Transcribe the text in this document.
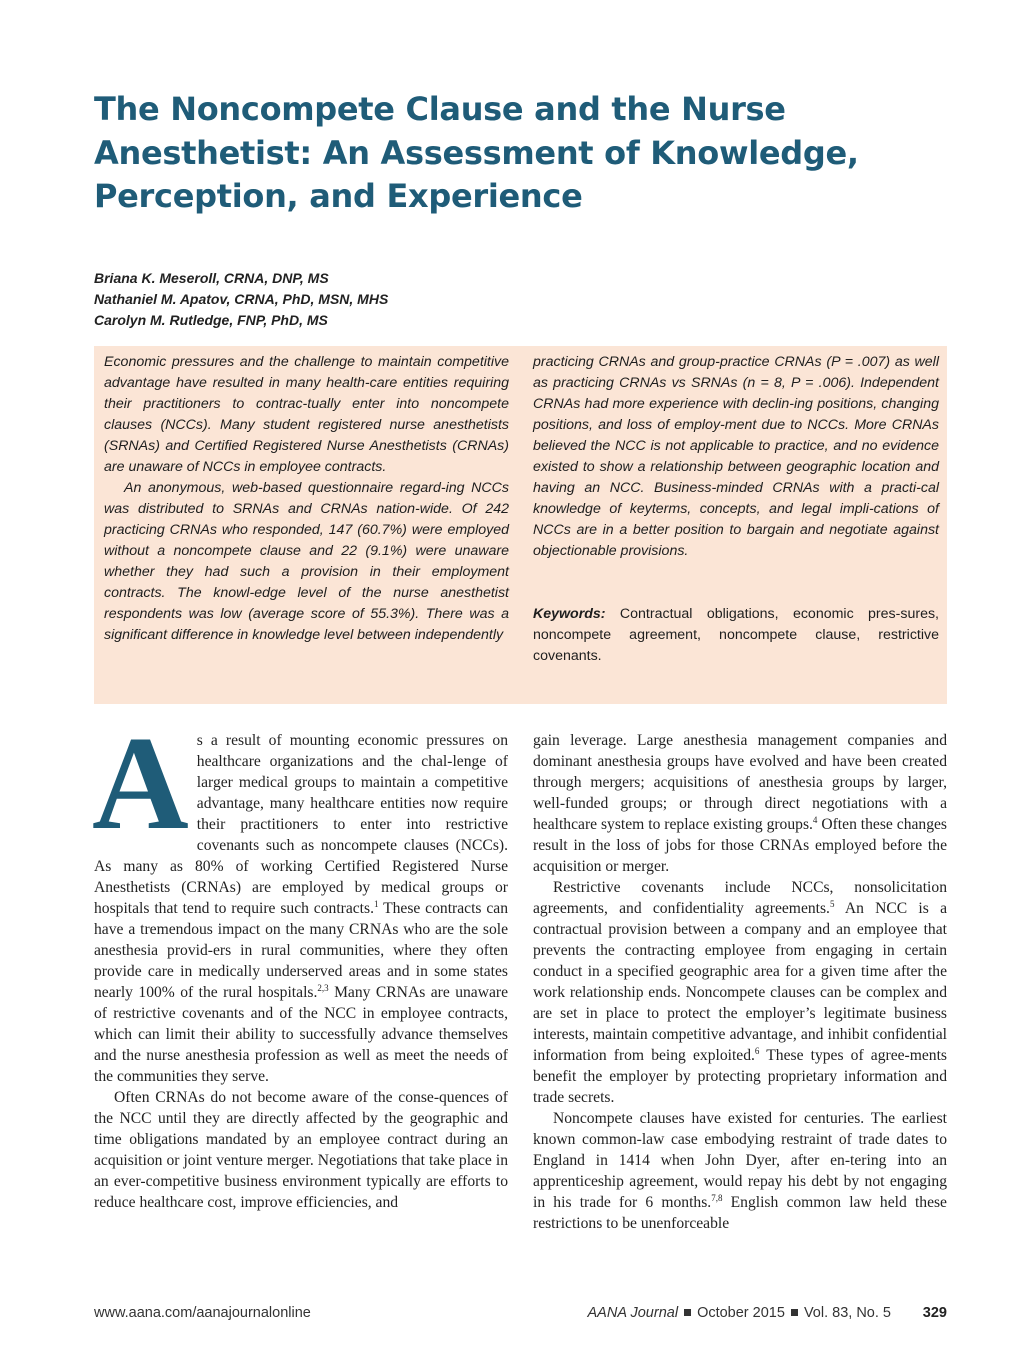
The Noncompete Clause and the Nurse
Anesthetist: An Assessment of Knowledge,
Perception, and Experience
Briana K. Meseroll, CRNA, DNP, MS
Nathaniel M. Apatov, CRNA, PhD, MSN, MHS
Carolyn M. Rutledge, FNP, PhD, MS

Economic pressures and the challenge to maintain competitive advantage have resulted in many health-care entities requiring their practitioners to contrac-tually enter into noncompete clauses (NCCs). Many student registered nurse anesthetists (SRNAs) and Certified Registered Nurse Anesthetists (CRNAs) are unaware of NCCs in employee contracts.

An anonymous, web-based questionnaire regard-ing NCCs was distributed to SRNAs and CRNAs nation-wide. Of 242 practicing CRNAs who responded, 147 (60.7%) were employed without a noncompete clause and 22 (9.1%) were unaware whether they had such a provision in their employment contracts. The knowl-edge level of the nurse anesthetist respondents was low (average score of 55.3%). There was a significant difference in knowledge level between independently

practicing CRNAs and group-practice CRNAs (P = .007) as well as practicing CRNAs vs SRNAs (n = 8, P = .006). Independent CRNAs had more experience with declin-ing positions, changing positions, and loss of employ-ment due to NCCs. More CRNAs believed the NCC is not applicable to practice, and no evidence existed to show a relationship between geographic location and having an NCC. Business-minded CRNAs with a practi-cal knowledge of keyterms, concepts, and legal impli-cations of NCCs are in a better position to bargain and negotiate against objectionable provisions.

Keywords: Contractual obligations, economic pres-sures, noncompete agreement, noncompete clause, restrictive covenants.

As a result of mounting economic pressures on healthcare organizations and the chal-lenge of larger medical groups to maintain a competitive advantage, many healthcare entities now require their practitioners to enter into restrictive covenants such as noncompete clauses (NCCs). As many as 80% of working Certified Registered Nurse Anesthetists (CRNAs) are employed by medical groups or hospitals that tend to require such contracts.$^1$ These contracts can have a tremendous impact on the many CRNAs who are the sole anesthesia provid-ers in rural communities, where they often provide care in medically underserved areas and in some states nearly 100% of the rural hospitals.$^{2,3}$ Many CRNAs are unaware of restrictive covenants and of the NCC in employee contracts, which can limit their ability to successfully advance themselves and the nurse anesthesia profession as well as meet the needs of the communities they serve.

Often CRNAs do not become aware of the conse-quences of the NCC until they are directly affected by the geographic and time obligations mandated by an employee contract during an acquisition or joint venture merger. Negotiations that take place in an ever-competitive business environment typically are efforts to reduce healthcare cost, improve efficiencies, and

gain leverage. Large anesthesia management companies and dominant anesthesia groups have evolved and have been created through mergers; acquisitions of anesthesia groups by larger, well-funded groups; or through direct negotiations with a healthcare system to replace existing groups.$^4$ Often these changes result in the loss of jobs for those CRNAs employed before the acquisition or merger.

Restrictive covenants include NCCs, nonsolicitation agreements, and confidentiality agreements.$^5$ An NCC is a contractual provision between a company and an employee that prevents the contracting employee from engaging in certain conduct in a specified geographic area for a given time after the work relationship ends. Noncompete clauses can be complex and are set in place to protect the employer’s legitimate business interests, maintain competitive advantage, and inhibit confidential information from being exploited.$^6$ These types of agree-ments benefit the employer by protecting proprietary information and trade secrets.

Noncompete clauses have existed for centuries. The earliest known common-law case embodying restraint of trade dates to England in 1414 when John Dyer, after en-tering into an apprenticeship agreement, would repay his debt by not engaging in his trade for 6 months.$^{7,8}$ English common law held these restrictions to be unenforceable

www.aana.com/aanajournalonline	AANA Journal October 2015 Vol. 83, No. 5 329
